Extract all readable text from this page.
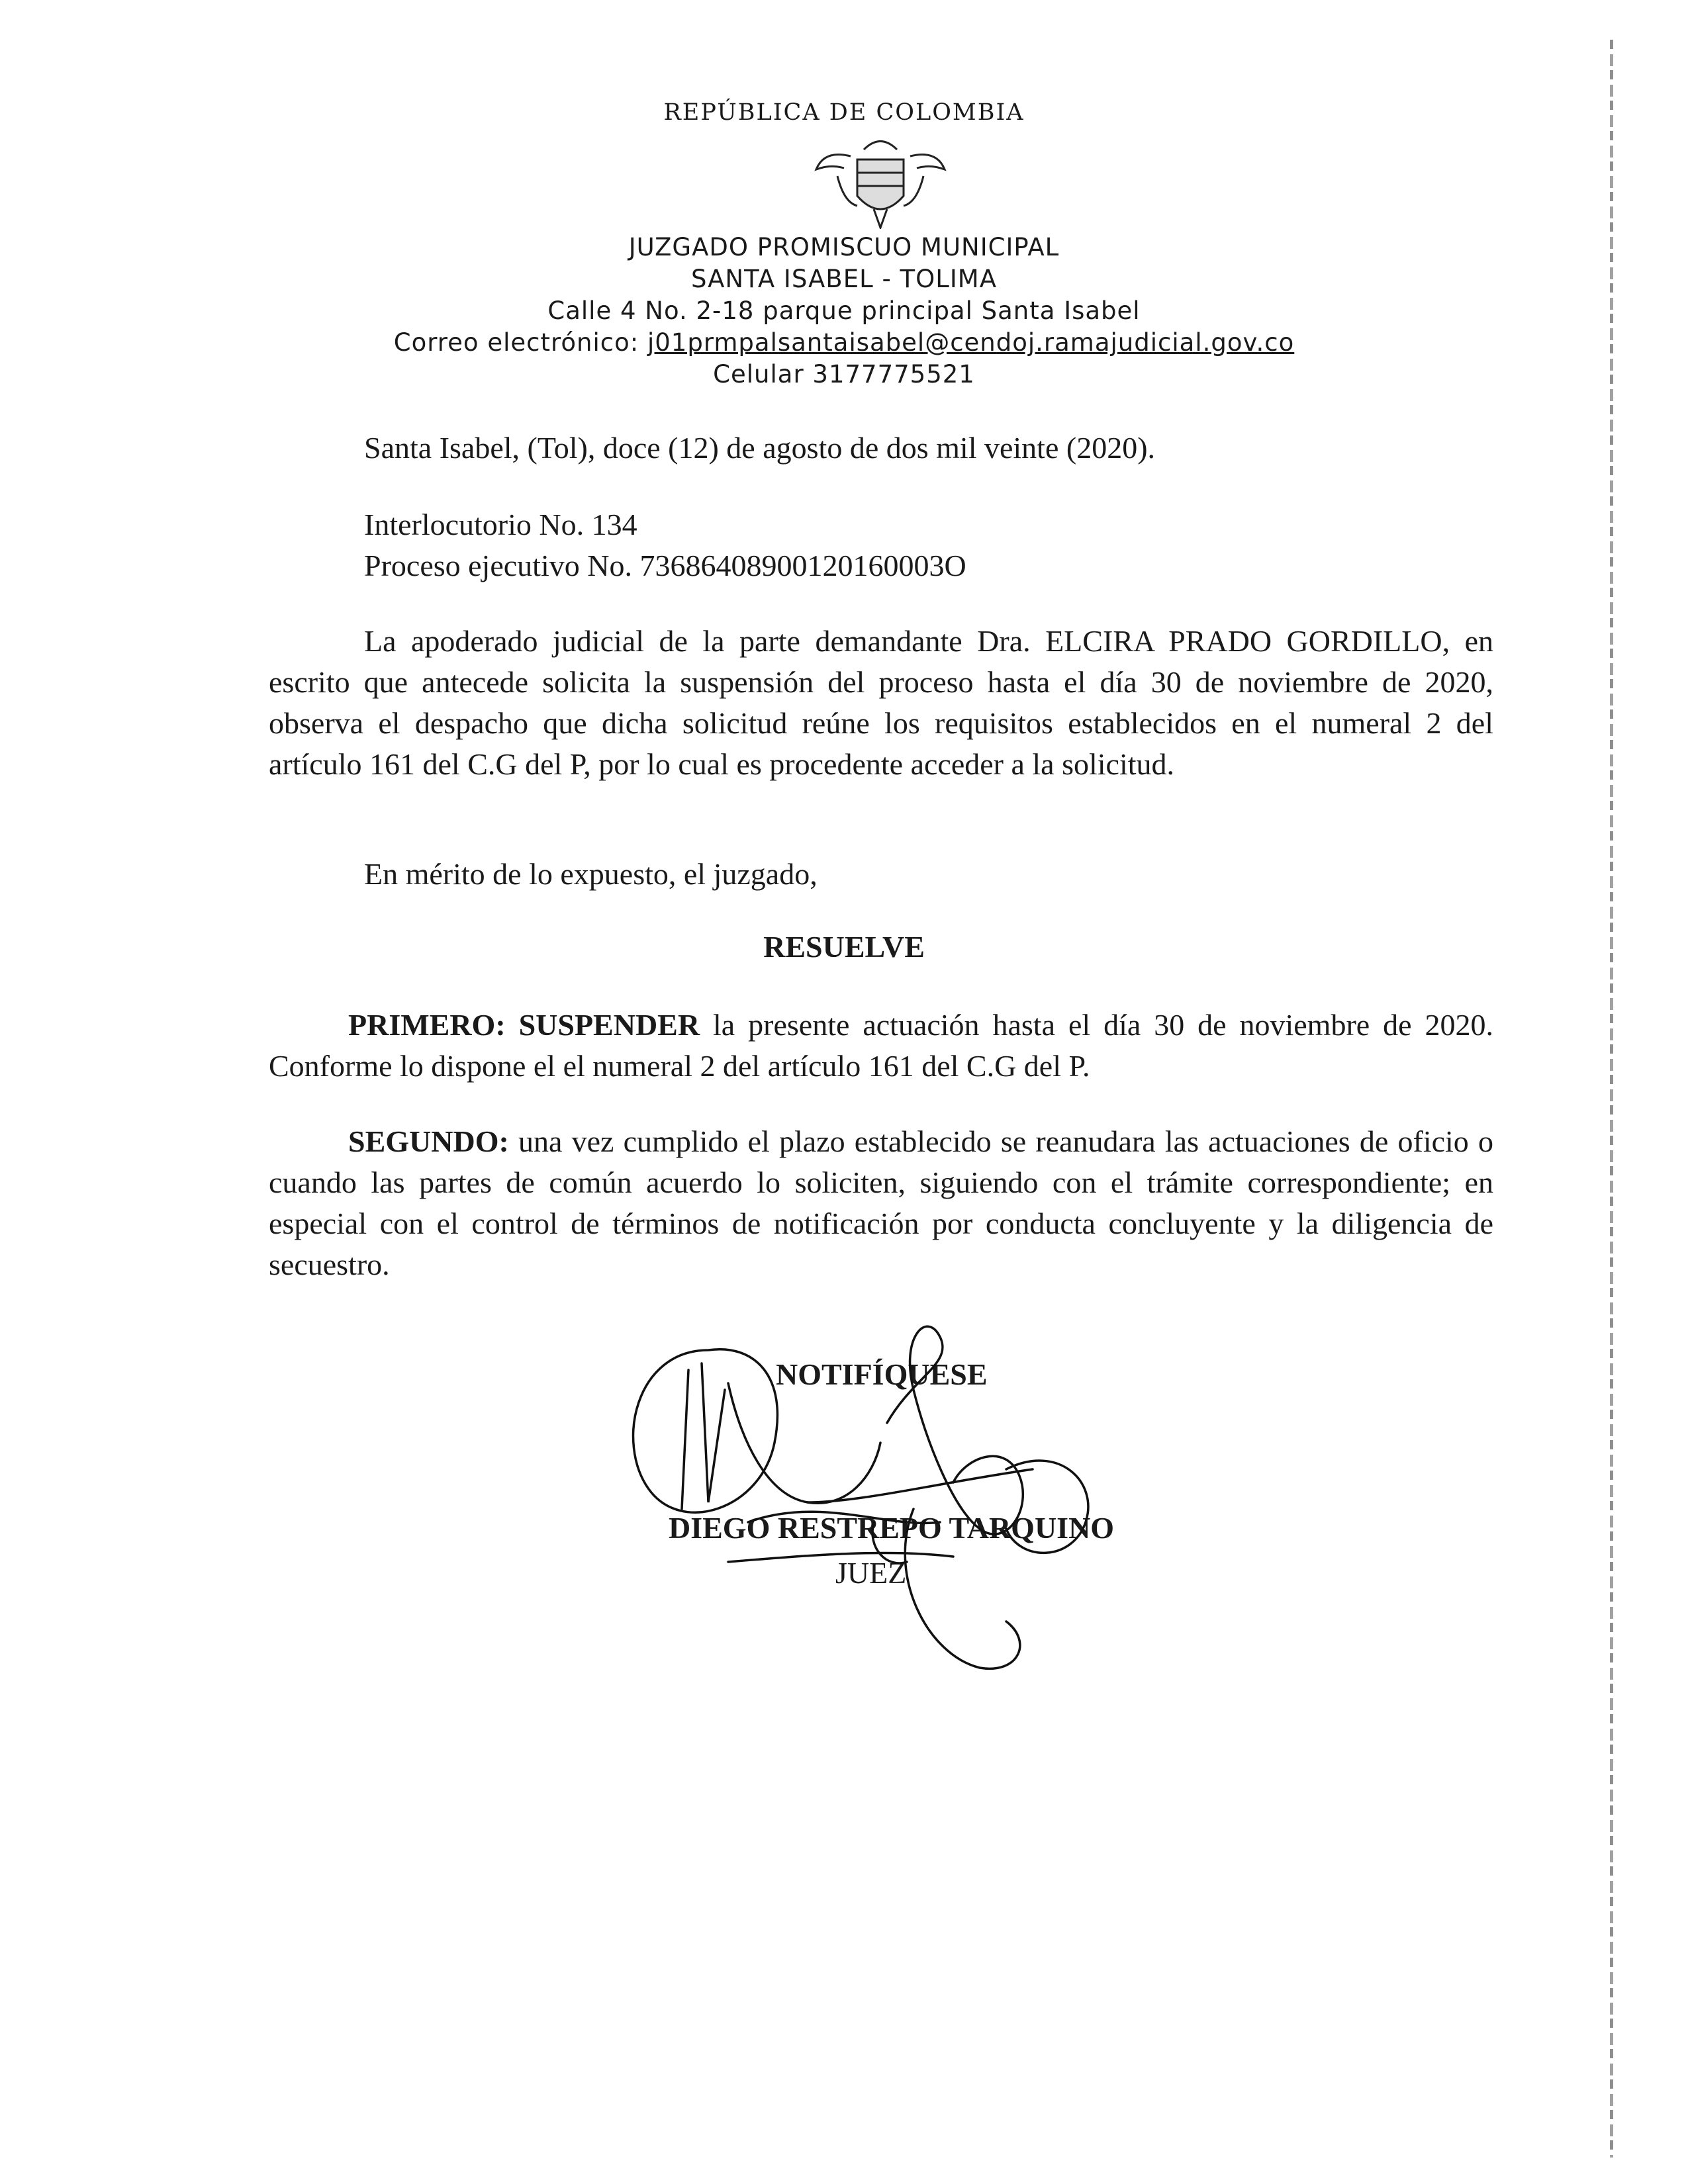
REPÚBLICA DE COLOMBIA
JUZGADO PROMISCUO MUNICIPAL
SANTA ISABEL - TOLIMA
Calle 4 No. 2-18 parque principal Santa Isabel
Correo electrónico: j01prmpalsantaisabel@cendoj.ramajudicial.gov.co
Celular 3177775521
Santa Isabel, (Tol), doce (12) de agosto de dos mil veinte (2020).
Interlocutorio No. 134
Proceso ejecutivo No. 73686408900120160003O
La apoderado judicial de la parte demandante Dra. ELCIRA PRADO GORDILLO, en escrito que antecede solicita la suspensión del proceso hasta el día 30 de noviembre de 2020, observa el despacho que dicha solicitud reúne los requisitos establecidos en el numeral 2 del artículo 161 del C.G del P, por lo cual es procedente acceder a la solicitud.
En mérito de lo expuesto, el juzgado,
RESUELVE
PRIMERO: SUSPENDER la presente actuación hasta el día 30 de noviembre de 2020. Conforme lo dispone el el numeral 2 del artículo 161 del C.G del P.
SEGUNDO: una vez cumplido el plazo establecido se reanudara las actuaciones de oficio o cuando las partes de común acuerdo lo soliciten, siguiendo con el trámite correspondiente; en especial con el control de términos de notificación por conducta concluyente y la diligencia de secuestro.
NOTIFÍQUESE
DIEGO RESTREPO TARQUINO
JUEZ
